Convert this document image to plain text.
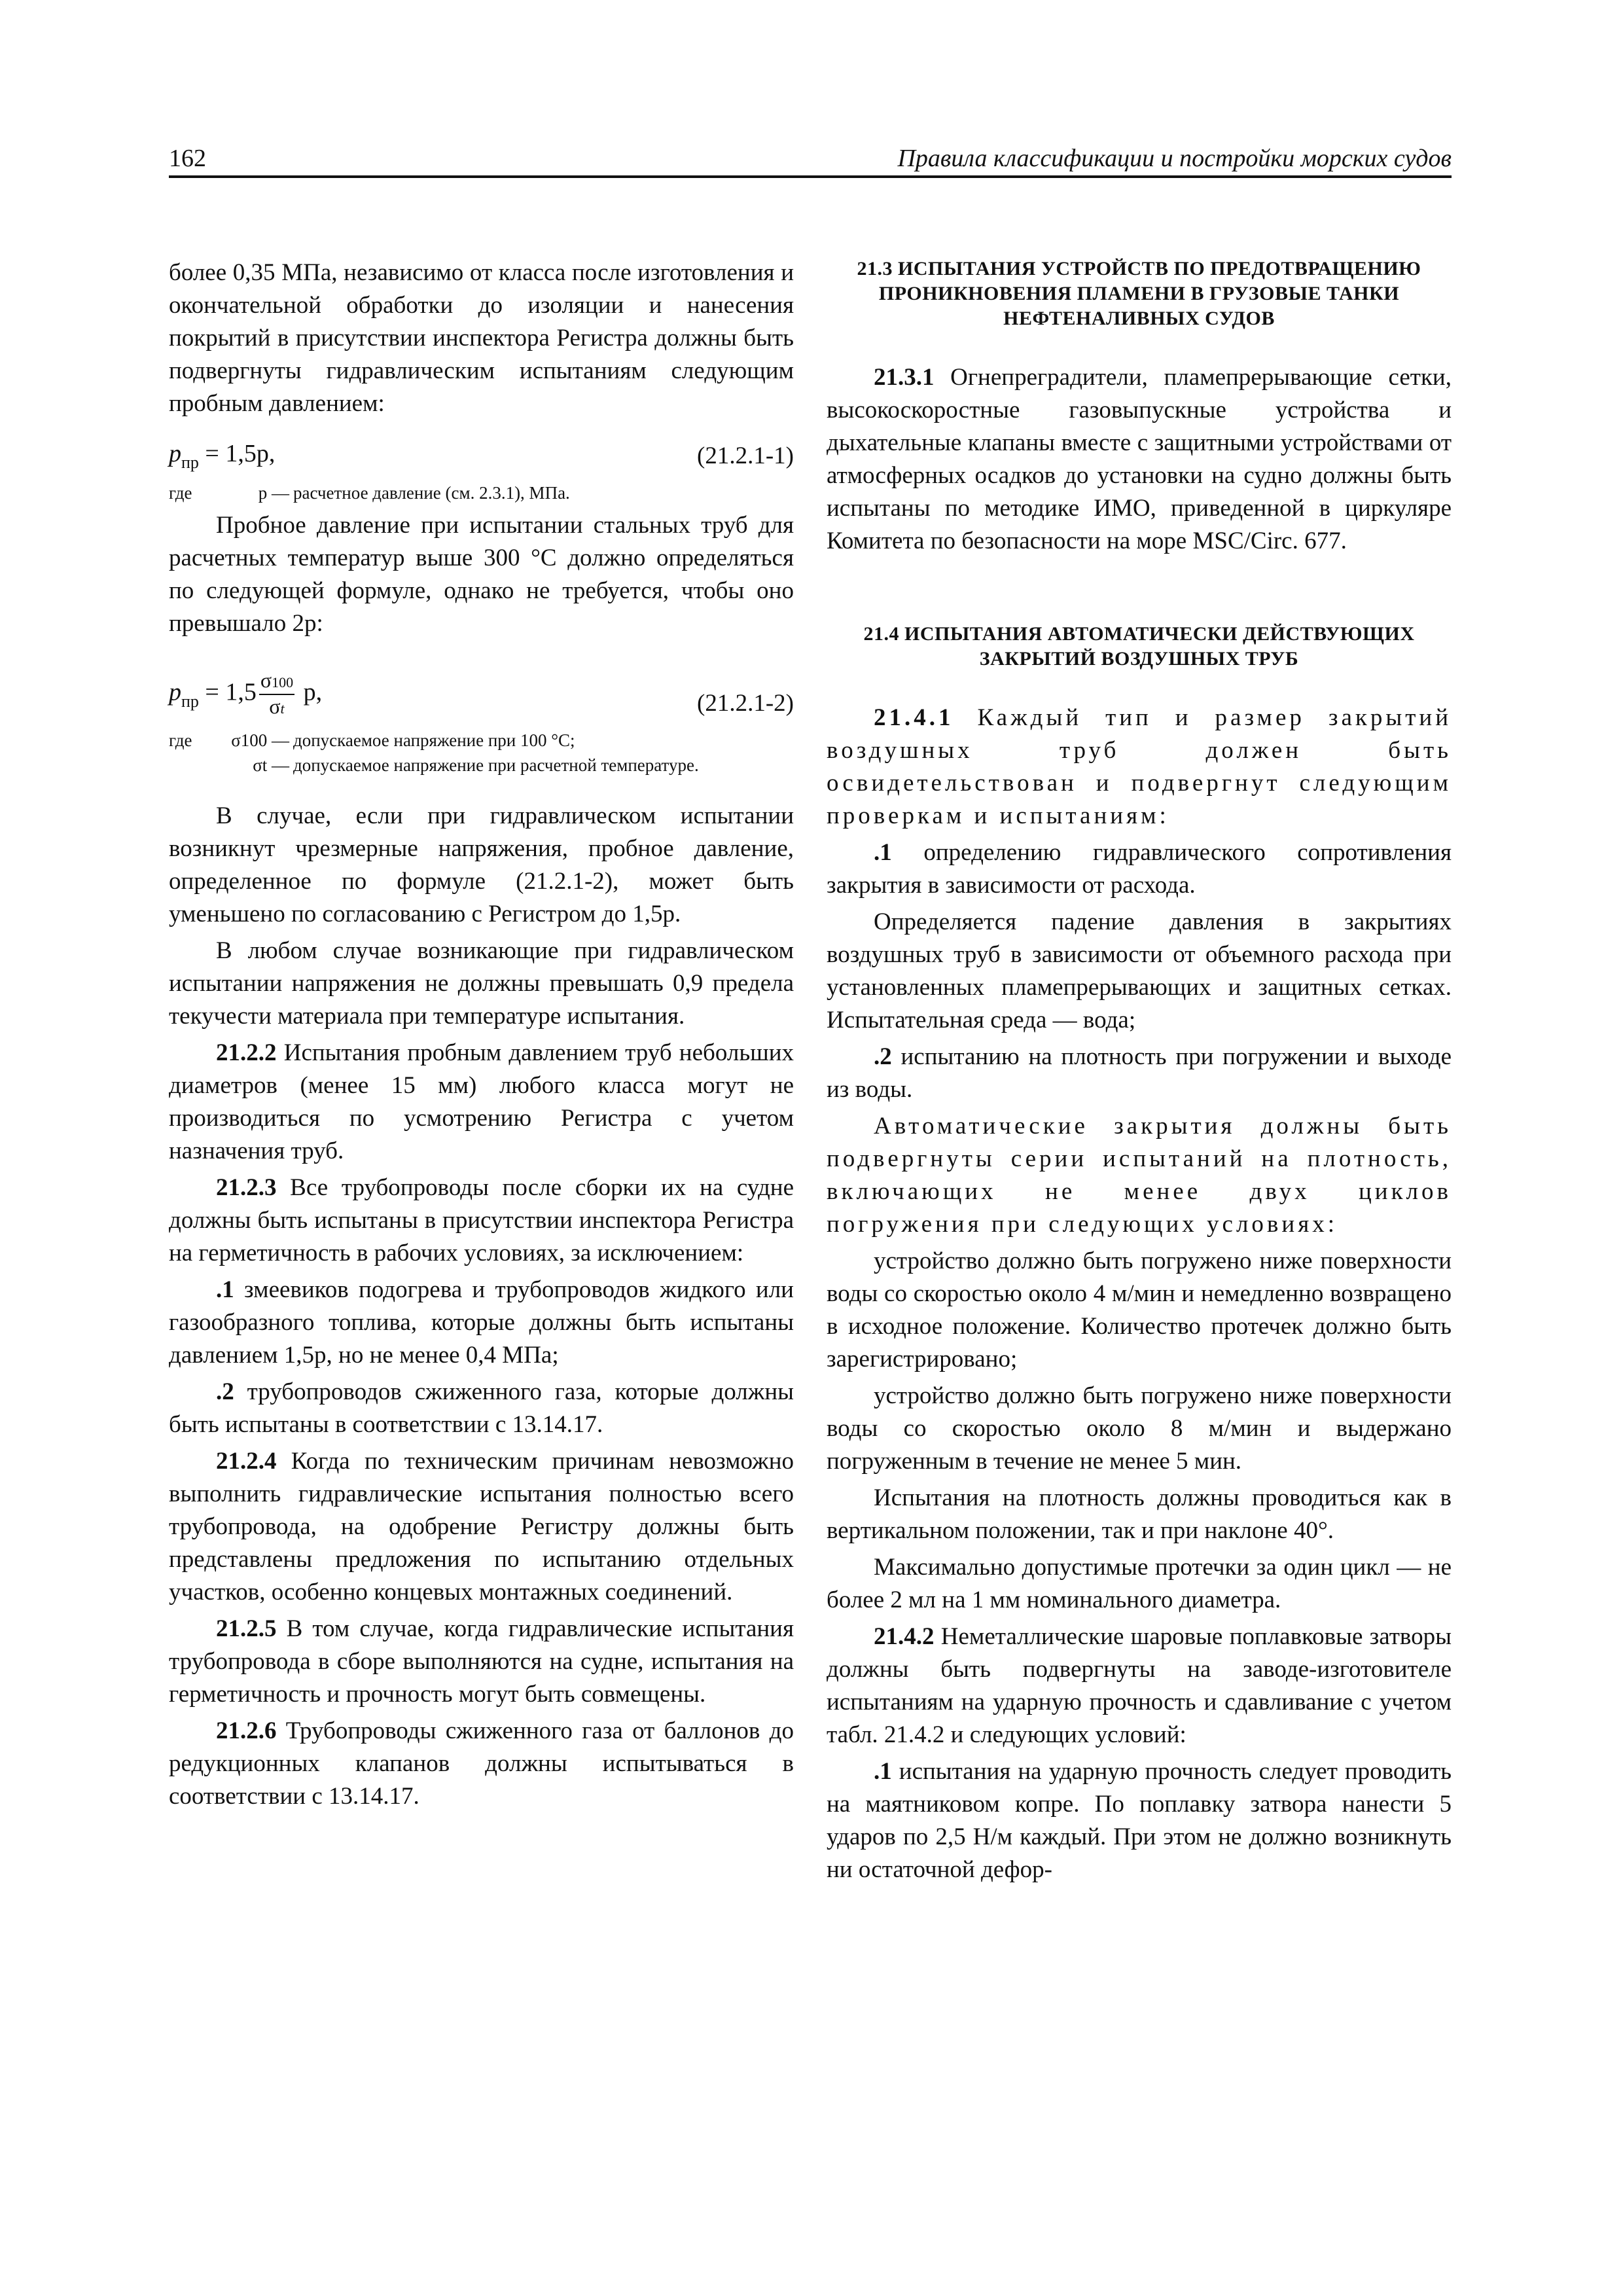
162	Правила классификации и постройки морских судов

более 0,35 МПа, независимо от класса после изготовления и окончательной обработки до изоляции и нанесения покрытий в присутствии инспектора Регистра должны быть подвергнуты гидравлическим испытаниям следующим пробным давлением:

$p_{пр} = 1,5p$,	(21.2.1-1)
где	p — расчетное давление (см. 2.3.1), МПа.

Пробное давление при испытании стальных труб для расчетных температур выше 300 °С должно определяться по следующей формуле, однако не требуется, чтобы оно превышало 2p:

$p_{пр} = 1,5 \frac{\sigma 100}{\sigma t} p$,	(21.2.1-2)
где	σ100 — допускаемое напряжение при 100 °С;
σt — допускаемое напряжение при расчетной температуре.

В случае, если при гидравлическом испытании возникнут чрезмерные напряжения, пробное давление, определенное по формуле (21.2.1-2), может быть уменьшено по согласованию с Регистром до 1,5p.

В любом случае возникающие при гидравлическом испытании напряжения не должны превышать 0,9 предела текучести материала при температуре испытания.

21.2.2 Испытания пробным давлением труб небольших диаметров (менее 15 мм) любого класса могут не производиться по усмотрению Регистра с учетом назначения труб.

21.2.3 Все трубопроводы после сборки их на судне должны быть испытаны в присутствии инспектора Регистра на герметичность в рабочих условиях, за исключением:

.1 змеевиков подогрева и трубопроводов жидкого или газообразного топлива, которые должны быть испытаны давлением 1,5p, но не менее 0,4 МПа;

.2 трубопроводов сжиженного газа, которые должны быть испытаны в соответствии с 13.14.17.

21.2.4 Когда по техническим причинам невозможно выполнить гидравлические испытания полностью всего трубопровода, на одобрение Регистру должны быть представлены предложения по испытанию отдельных участков, особенно концевых монтажных соединений.

21.2.5 В том случае, когда гидравлические испытания трубопровода в сборе выполняются на судне, испытания на герметичность и прочность могут быть совмещены.

21.2.6 Трубопроводы сжиженного газа от баллонов до редукционных клапанов должны испытываться в соответствии с 13.14.17.

21.3 ИСПЫТАНИЯ УСТРОЙСТВ ПО ПРЕДОТВРАЩЕНИЮ ПРОНИКНОВЕНИЯ ПЛАМЕНИ В ГРУЗОВЫЕ ТАНКИ НЕФТЕНАЛИВНЫХ СУДОВ

21.3.1 Огнепреградители, пламепрерывающие сетки, высокоскоростные газовыпускные устройства и дыхательные клапаны вместе с защитными устройствами от атмосферных осадков до установки на судно должны быть испытаны по методике ИМО, приведенной в циркуляре Комитета по безопасности на море MSC/Circ. 677.

21.4 ИСПЫТАНИЯ АВТОМАТИЧЕСКИ ДЕЙСТВУЮЩИХ ЗАКРЫТИЙ ВОЗДУШНЫХ ТРУБ

21.4.1 Каждый тип и размер закрытий воздушных труб должен быть освидетельствован и подвергнут следующим проверкам и испытаниям:

.1 определению гидравлического сопротивления закрытия в зависимости от расхода.

Определяется падение давления в закрытиях воздушных труб в зависимости от объемного расхода при установленных пламепрерывающих и защитных сетках. Испытательная среда — вода;

.2 испытанию на плотность при погружении и выходе из воды.

Автоматические закрытия должны быть подвергнуты серии испытаний на плотность, включающих не менее двух циклов погружения при следующих условиях:

устройство должно быть погружено ниже поверхности воды со скоростью около 4 м/мин и немедленно возвращено в исходное положение. Количество протечек должно быть зарегистрировано;

устройство должно быть погружено ниже поверхности воды со скоростью около 8 м/мин и выдержано погруженным в течение не менее 5 мин.

Испытания на плотность должны проводиться как в вертикальном положении, так и при наклоне 40°.

Максимально допустимые протечки за один цикл — не более 2 мл на 1 мм номинального диаметра.

21.4.2 Неметаллические шаровые поплавковые затворы должны быть подвергнуты на заводе-изготовителе испытаниям на ударную прочность и сдавливание с учетом табл. 21.4.2 и следующих условий:

.1 испытания на ударную прочность следует проводить на маятниковом копре. По поплавку затвора нанести 5 ударов по 2,5 Н/м каждый. При этом не должно возникнуть ни остаточной дефор-
